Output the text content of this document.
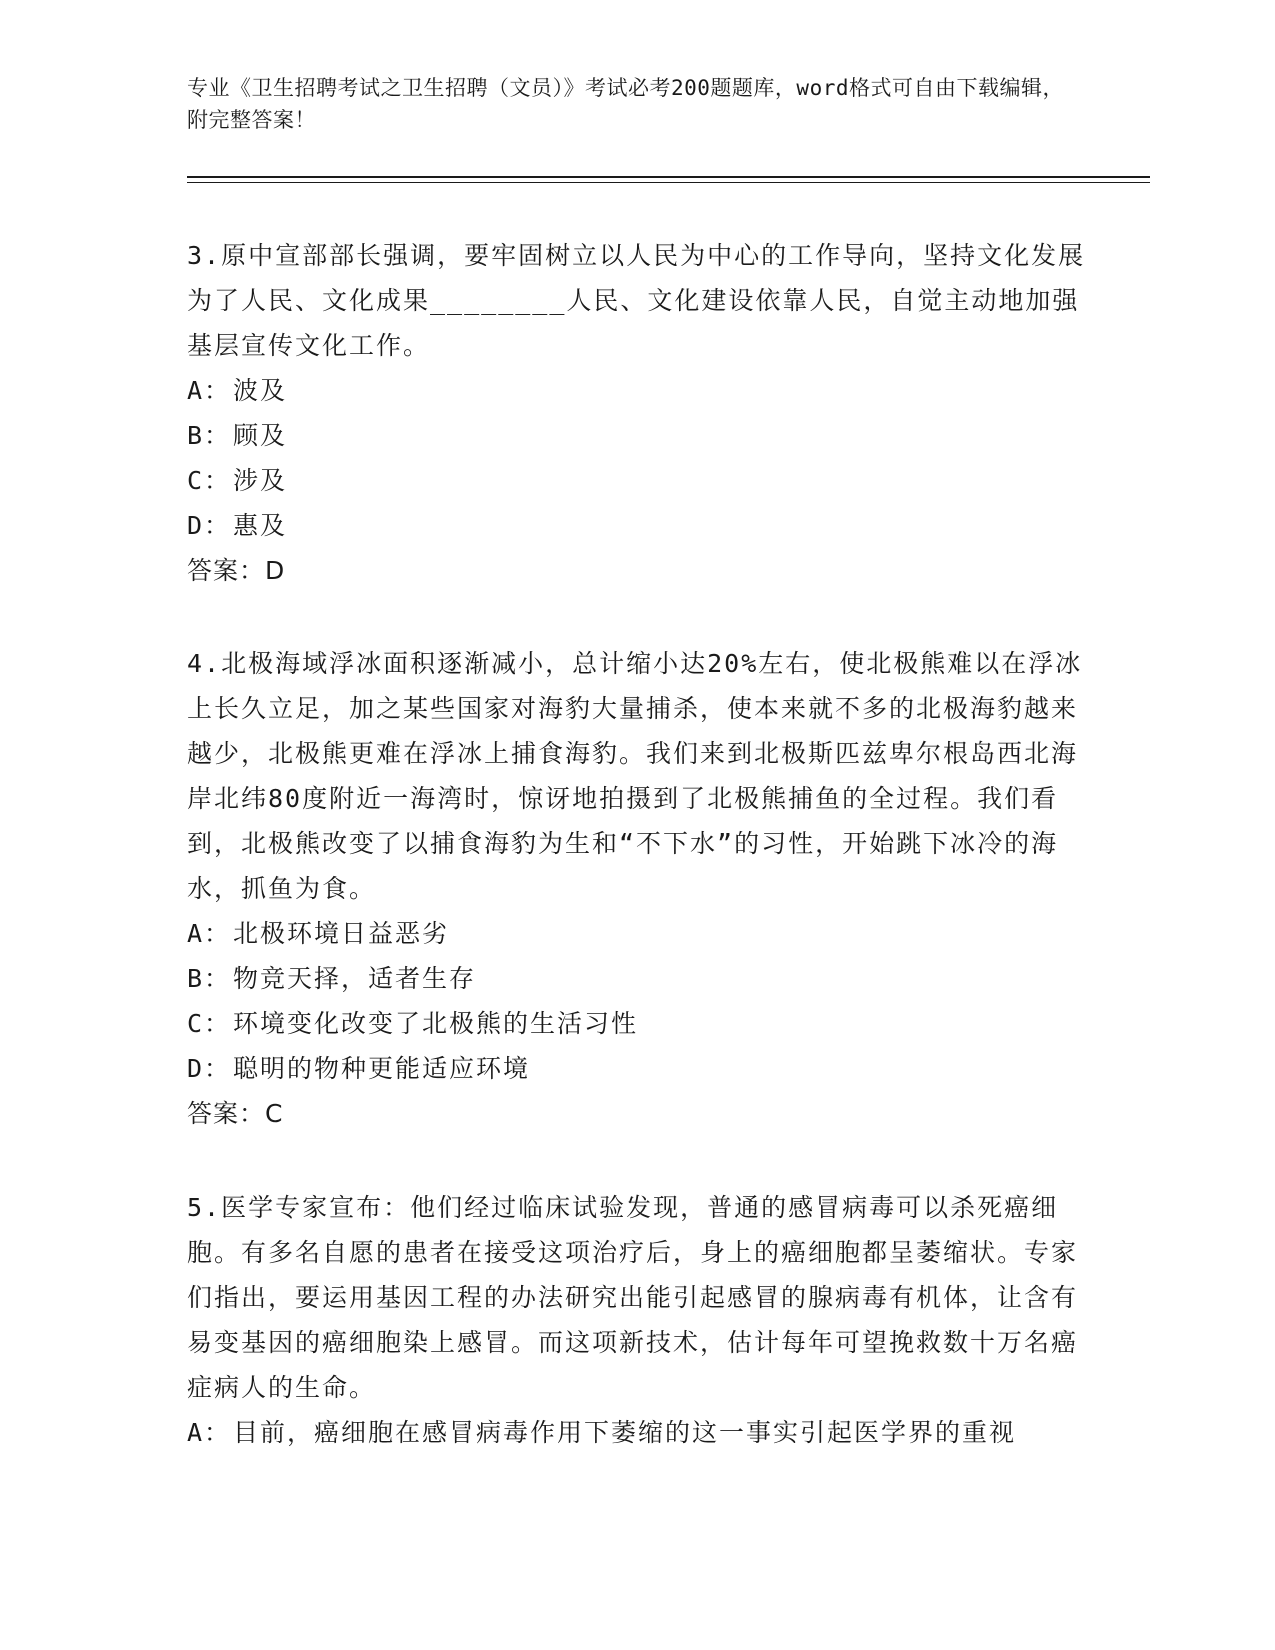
专业《卫生招聘考试之卫生招聘（文员）》考试必考200题题库，word格式可自由下载编辑，附完整答案！
3.原中宣部部长强调，要牢固树立以人民为中心的工作导向，坚持文化发展为了人民、文化成果________人民、文化建设依靠人民，自觉主动地加强基层宣传文化工作。
A：波及
B：顾及
C：涉及
D：惠及
答案：D
4.北极海域浮冰面积逐渐减小，总计缩小达20%左右，使北极熊难以在浮冰上长久立足，加之某些国家对海豹大量捕杀，使本来就不多的北极海豹越来越少，北极熊更难在浮冰上捕食海豹。我们来到北极斯匹兹卑尔根岛西北海岸北纬80度附近一海湾时，惊讶地拍摄到了北极熊捕鱼的全过程。我们看到，北极熊改变了以捕食海豹为生和“不下水”的习性，开始跳下冰冷的海水，抓鱼为食。
A：北极环境日益恶劣
B：物竞天择，适者生存
C：环境变化改变了北极熊的生活习性
D：聪明的物种更能适应环境
答案：C
5.医学专家宣布：他们经过临床试验发现，普通的感冒病毒可以杀死癌细胞。有多名自愿的患者在接受这项治疗后，身上的癌细胞都呈萎缩状。专家们指出，要运用基因工程的办法研究出能引起感冒的腺病毒有机体，让含有易变基因的癌细胞染上感冒。而这项新技术，估计每年可望挽救数十万名癌症病人的生命。
A：目前，癌细胞在感冒病毒作用下萎缩的这一事实引起医学界的重视
